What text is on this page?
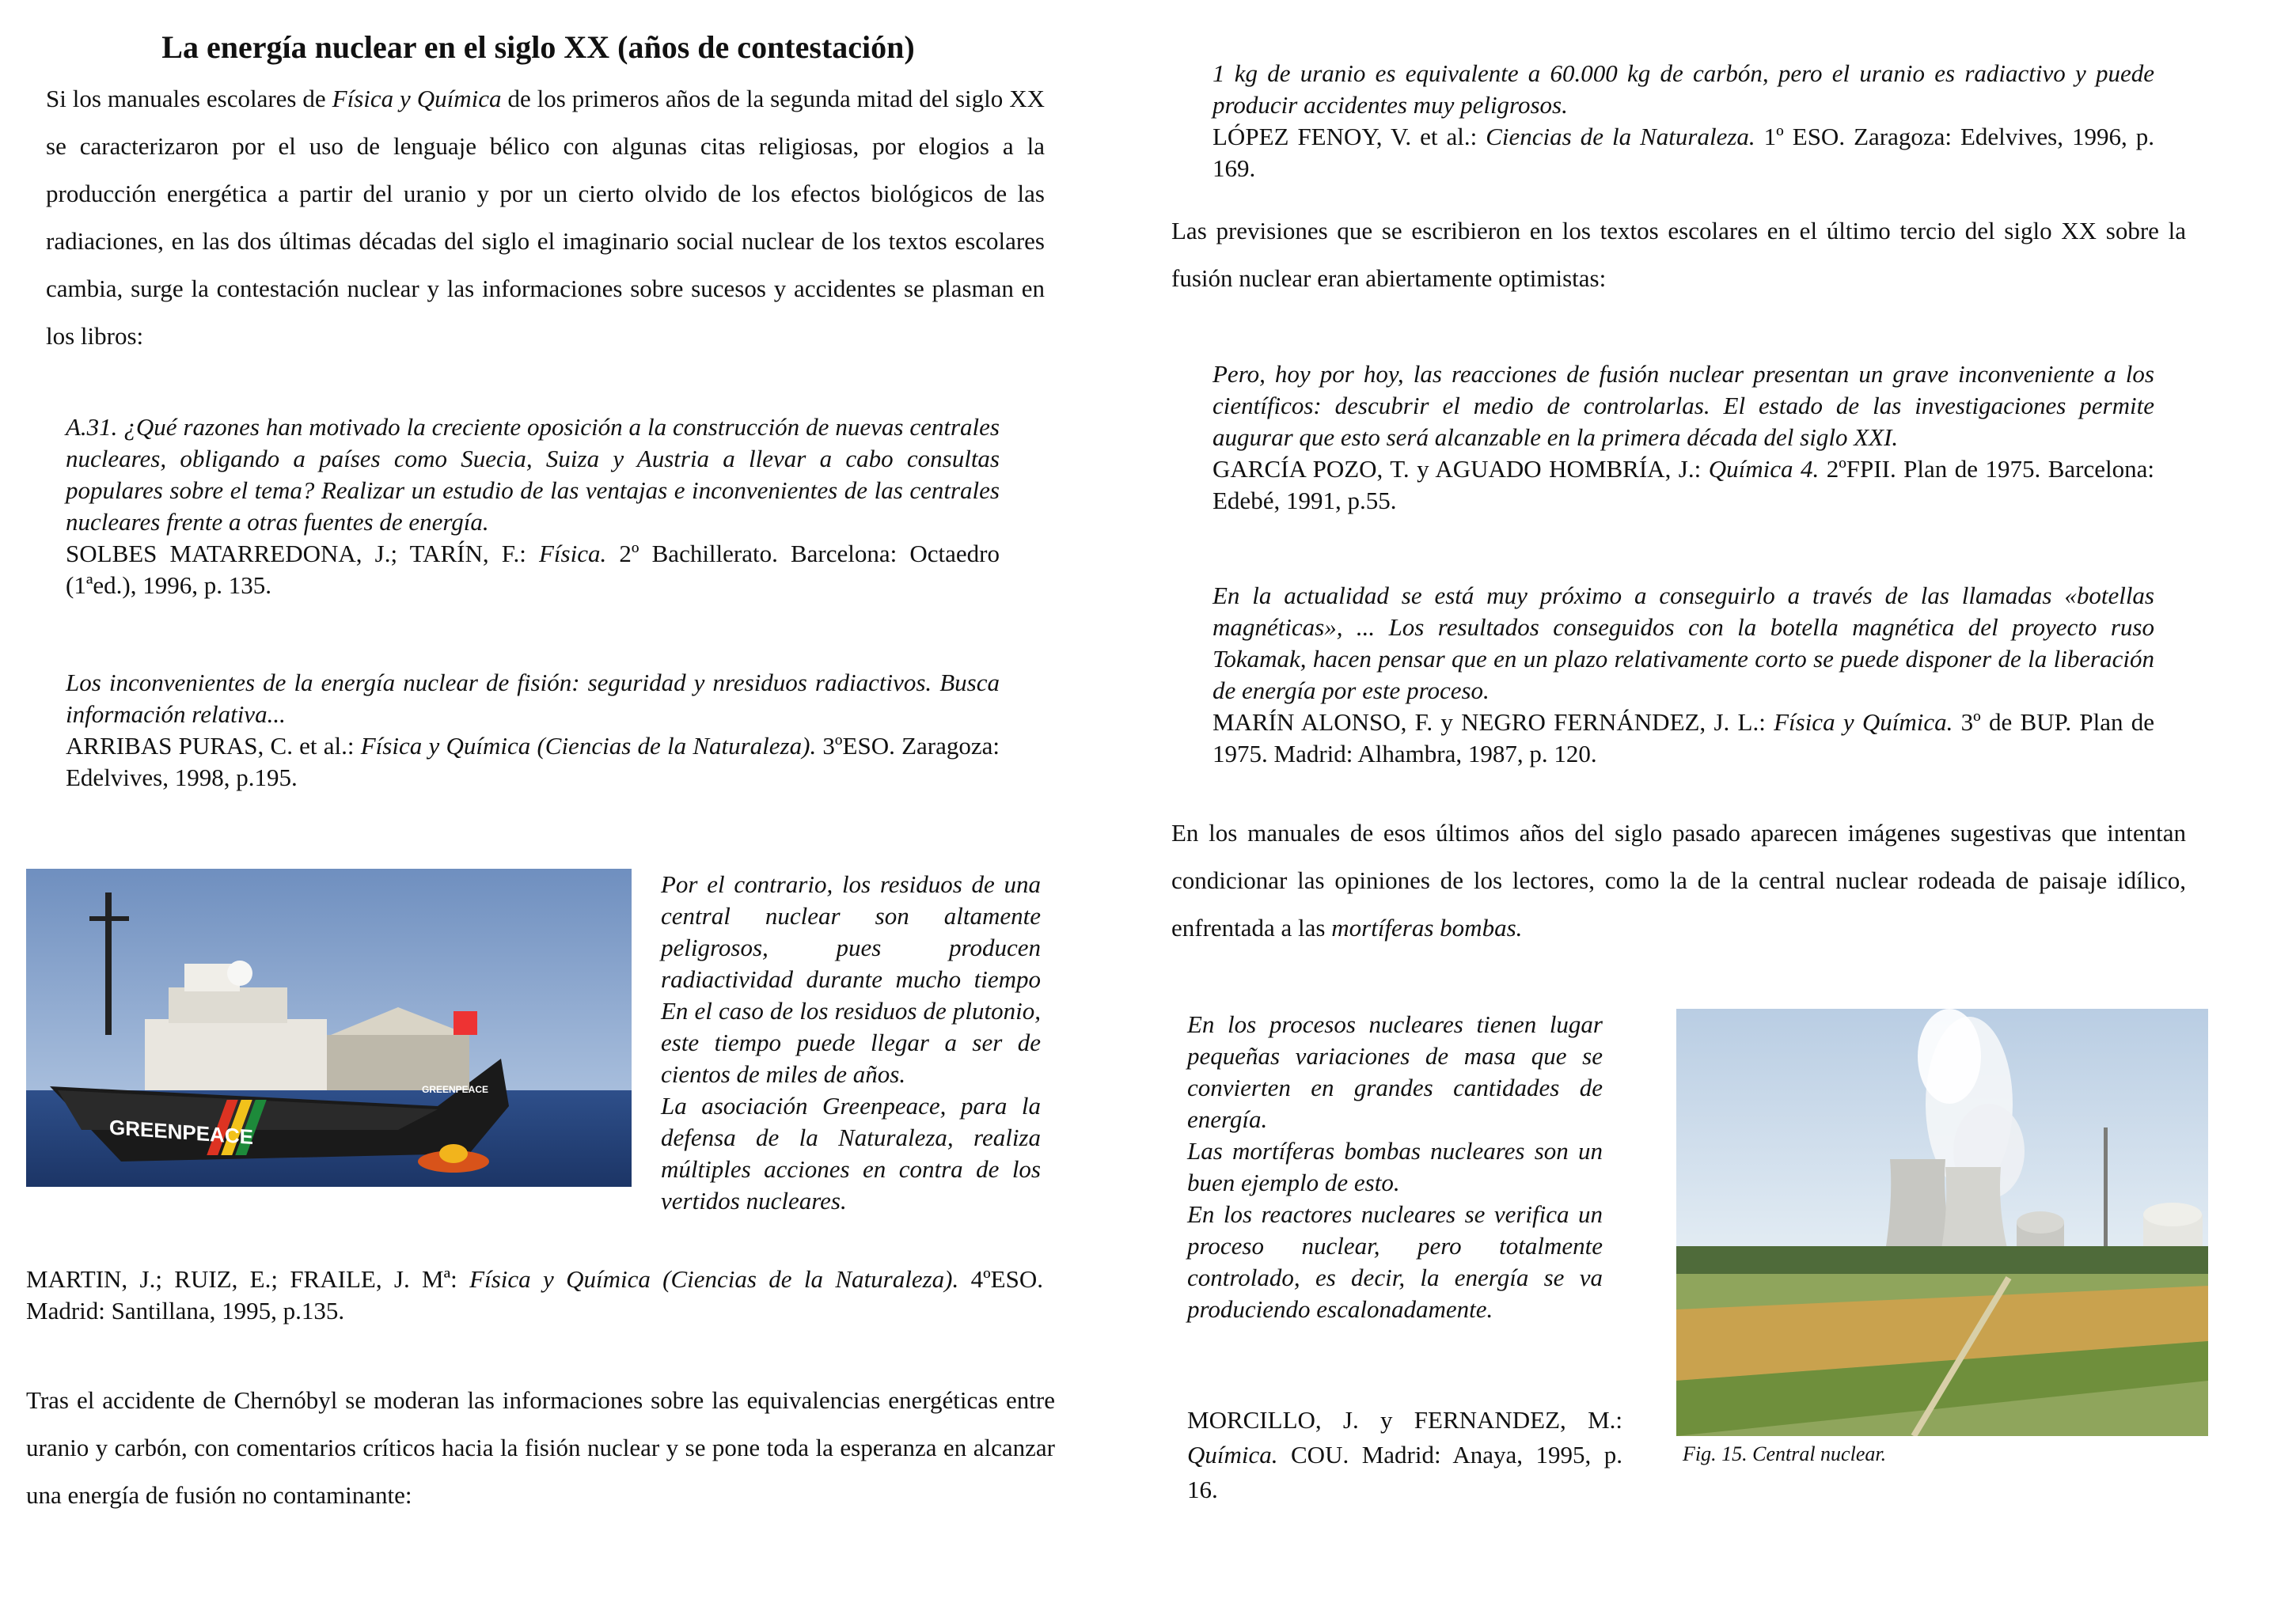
La energía nuclear en el siglo XX (años de contestación)

Si los manuales escolares de Física y Química de los primeros años de la segunda mitad del siglo XX se caracterizaron por el uso de lenguaje bélico con algunas citas religiosas, por elogios a la producción energética a partir del uranio y por un cierto olvido de los efectos biológicos de las radiaciones, en las dos últimas décadas del siglo el imaginario social nuclear de los textos escolares cambia, surge la contestación nuclear y las informaciones sobre sucesos y accidentes se plasman en los libros:

A.31. ¿Qué razones han motivado la creciente oposición a la construcción de nuevas centrales nucleares, obligando a países como Suecia, Suiza y Austria a llevar a cabo consultas populares sobre el tema? Realizar un estudio de las ventajas e inconvenientes de las centrales nucleares frente a otras fuentes de energía.
SOLBES MATARREDONA, J.; TARÍN, F.: Física. 2º Bachillerato. Barcelona: Octaedro (1ªed.), 1996, p. 135.
Los inconvenientes de la energía nuclear de fisión: seguridad y nresiduos radiactivos. Busca información relativa...
ARRIBAS PURAS, C. et al.: Física y Química (Ciencias de la Naturaleza). 3ºESO. Zaragoza: Edelvives, 1998, p.195.
GREENPEACE
GREENPEACE
Por el contrario, los residuos de una central nuclear son altamente peligrosos, pues producen radiactividad durante mucho tiempo En el caso de los residuos de plutonio, este tiempo puede llegar a ser de cientos de miles de años.
La asociación Greenpeace, para la defensa de la Naturaleza, realiza múltiples acciones en contra de los vertidos nucleares.
MARTIN, J.; RUIZ, E.; FRAILE, J. Mª: Física y Química (Ciencias de la Naturaleza). 4ºESO. Madrid: Santillana, 1995, p.135.

Tras el accidente de Chernóbyl se moderan las informaciones sobre las equivalencias energéticas entre uranio y carbón, con comentarios críticos hacia la fisión nuclear y se pone toda la esperanza en alcanzar una energía de fusión no contaminante:

1 kg de uranio es equivalente a 60.000 kg de carbón, pero el uranio es radiactivo y puede producir accidentes muy peligrosos.
LÓPEZ FENOY, V. et al.: Ciencias de la Naturaleza. 1º ESO. Zaragoza: Edelvives, 1996, p. 169.

Las previsiones que se escribieron en los textos escolares en el último tercio del siglo XX sobre la fusión nuclear eran abiertamente optimistas:

Pero, hoy por hoy, las reacciones de fusión nuclear presentan un grave inconveniente a los científicos: descubrir el medio de controlarlas. El estado de las investigaciones permite augurar que esto será alcanzable en la primera década del siglo XXI.
GARCÍA POZO, T. y AGUADO HOMBRÍA, J.: Química 4. 2ºFPII. Plan de 1975. Barcelona: Edebé, 1991, p.55.
En la actualidad se está muy próximo a conseguirlo a través de las llamadas «botellas magnéticas», ... Los resultados conseguidos con la botella magnética del proyecto ruso Tokamak, hacen pensar que en un plazo relativamente corto se puede disponer de la liberación de energía por este proceso.
MARÍN ALONSO, F. y NEGRO FERNÁNDEZ, J. L.: Física y Química. 3º de BUP. Plan de 1975. Madrid: Alhambra, 1987, p. 120.

En los manuales de esos últimos años del siglo pasado aparecen imágenes sugestivas que intentan condicionar las opiniones de los lectores, como la de la central nuclear rodeada de paisaje idílico, enfrentada a las mortíferas bombas.

En los procesos nucleares tienen lugar pequeñas variaciones de masa que se convierten en grandes cantidades de energía.
Las mortíferas bombas nucleares son un buen ejemplo de esto.
En los reactores nucleares se verifica un proceso nuclear, pero totalmente controlado, es decir, la energía se va produciendo escalonadamente.
MORCILLO, J. y FERNANDEZ, M.: Química. COU. Madrid: Anaya, 1995, p. 16.
Fig. 15. Central nuclear.
